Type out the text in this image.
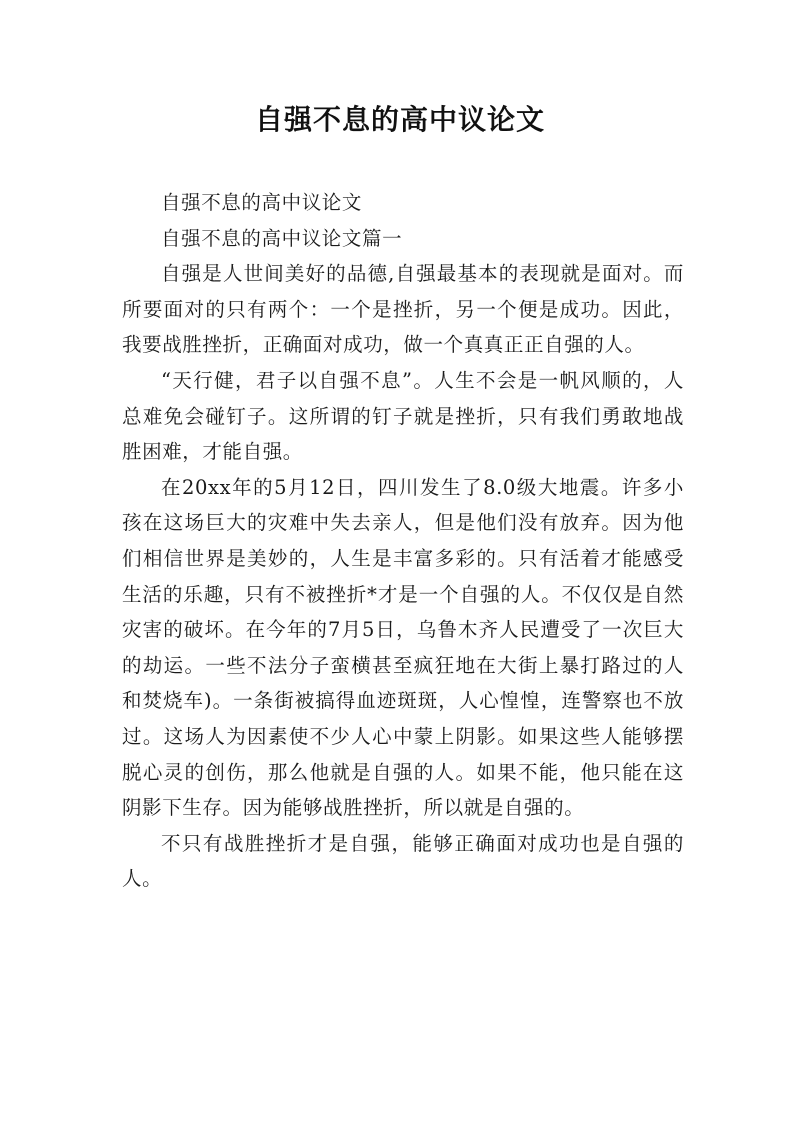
自强不息的高中议论文

自强不息的高中议论文

自强不息的高中议论文篇一

自强是人世间美好的品德,自强最基本的表现就是面对。而所要面对的只有两个：一个是挫折，另一个便是成功。因此，我要战胜挫折，正确面对成功，做一个真真正正自强的人。

“天行健，君子以自强不息”。人生不会是一帆风顺的，人总难免会碰钉子。这所谓的钉子就是挫折，只有我们勇敢地战胜困难，才能自强。

在20xx年的5月12日，四川发生了8.0级大地震。许多小孩在这场巨大的灾难中失去亲人，但是他们没有放弃。因为他们相信世界是美妙的，人生是丰富多彩的。只有活着才能感受生活的乐趣，只有不被挫折*才是一个自强的人。不仅仅是自然灾害的破坏。在今年的7月5日，乌鲁木齐人民遭受了一次巨大的劫运。一些不法分子蛮横甚至疯狂地在大街上暴打路过的人和焚烧车)。一条街被搞得血迹斑斑，人心惶惶，连警察也不放过。这场人为因素使不少人心中蒙上阴影。如果这些人能够摆脱心灵的创伤，那么他就是自强的人。如果不能，他只能在这阴影下生存。因为能够战胜挫折，所以就是自强的。

不只有战胜挫折才是自强，能够正确面对成功也是自强的人。
